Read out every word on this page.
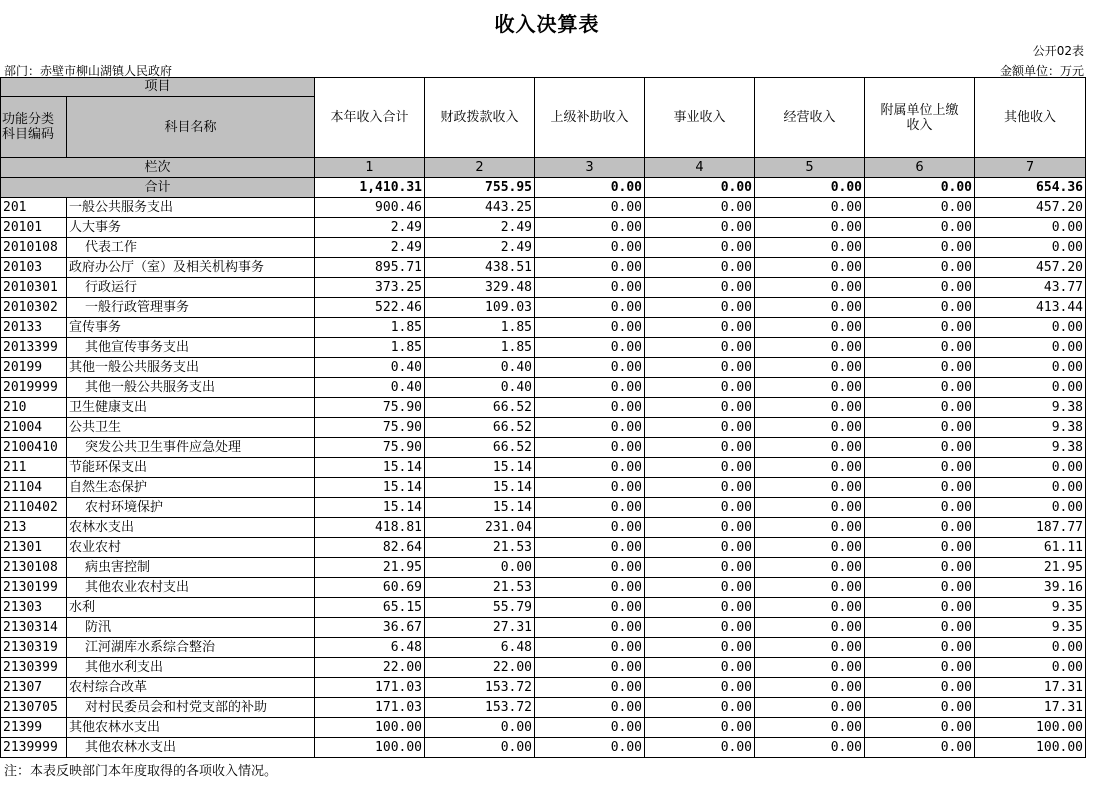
收入决算表
公开02表
部门：赤壁市柳山湖镇人民政府	金额单位：万元
项目		本年收入合计	财政拨款收入	上级补助收入	事业收入	经营收入	附属单位上缴收入	其他收入
功能分类科目编码	科目名称							
栏次		1	2	3	4	5	6	7
合计		1,410.31	755.95	0.00	0.00	0.00	0.00	654.36
201	一般公共服务支出	900.46	443.25	0.00	0.00	0.00	0.00	457.20
20101	人大事务	2.49	2.49	0.00	0.00	0.00	0.00	0.00
2010108	代表工作	2.49	2.49	0.00	0.00	0.00	0.00	0.00
20103	政府办公厅（室）及相关机构事务	895.71	438.51	0.00	0.00	0.00	0.00	457.20
2010301	行政运行	373.25	329.48	0.00	0.00	0.00	0.00	43.77
2010302	一般行政管理事务	522.46	109.03	0.00	0.00	0.00	0.00	413.44
20133	宣传事务	1.85	1.85	0.00	0.00	0.00	0.00	0.00
2013399	其他宣传事务支出	1.85	1.85	0.00	0.00	0.00	0.00	0.00
20199	其他一般公共服务支出	0.40	0.40	0.00	0.00	0.00	0.00	0.00
2019999	其他一般公共服务支出	0.40	0.40	0.00	0.00	0.00	0.00	0.00
210	卫生健康支出	75.90	66.52	0.00	0.00	0.00	0.00	9.38
21004	公共卫生	75.90	66.52	0.00	0.00	0.00	0.00	9.38
2100410	突发公共卫生事件应急处理	75.90	66.52	0.00	0.00	0.00	0.00	9.38
211	节能环保支出	15.14	15.14	0.00	0.00	0.00	0.00	0.00
21104	自然生态保护	15.14	15.14	0.00	0.00	0.00	0.00	0.00
2110402	农村环境保护	15.14	15.14	0.00	0.00	0.00	0.00	0.00
213	农林水支出	418.81	231.04	0.00	0.00	0.00	0.00	187.77
21301	农业农村	82.64	21.53	0.00	0.00	0.00	0.00	61.11
2130108	病虫害控制	21.95	0.00	0.00	0.00	0.00	0.00	21.95
2130199	其他农业农村支出	60.69	21.53	0.00	0.00	0.00	0.00	39.16
21303	水利	65.15	55.79	0.00	0.00	0.00	0.00	9.35
2130314	防汛	36.67	27.31	0.00	0.00	0.00	0.00	9.35
2130319	江河湖库水系综合整治	6.48	6.48	0.00	0.00	0.00	0.00	0.00
2130399	其他水利支出	22.00	22.00	0.00	0.00	0.00	0.00	0.00
21307	农村综合改革	171.03	153.72	0.00	0.00	0.00	0.00	17.31
2130705	对村民委员会和村党支部的补助	171.03	153.72	0.00	0.00	0.00	0.00	17.31
21399	其他农林水支出	100.00	0.00	0.00	0.00	0.00	0.00	100.00
2139999	其他农林水支出	100.00	0.00	0.00	0.00	0.00	0.00	100.00
注：本表反映部门本年度取得的各项收入情况。
